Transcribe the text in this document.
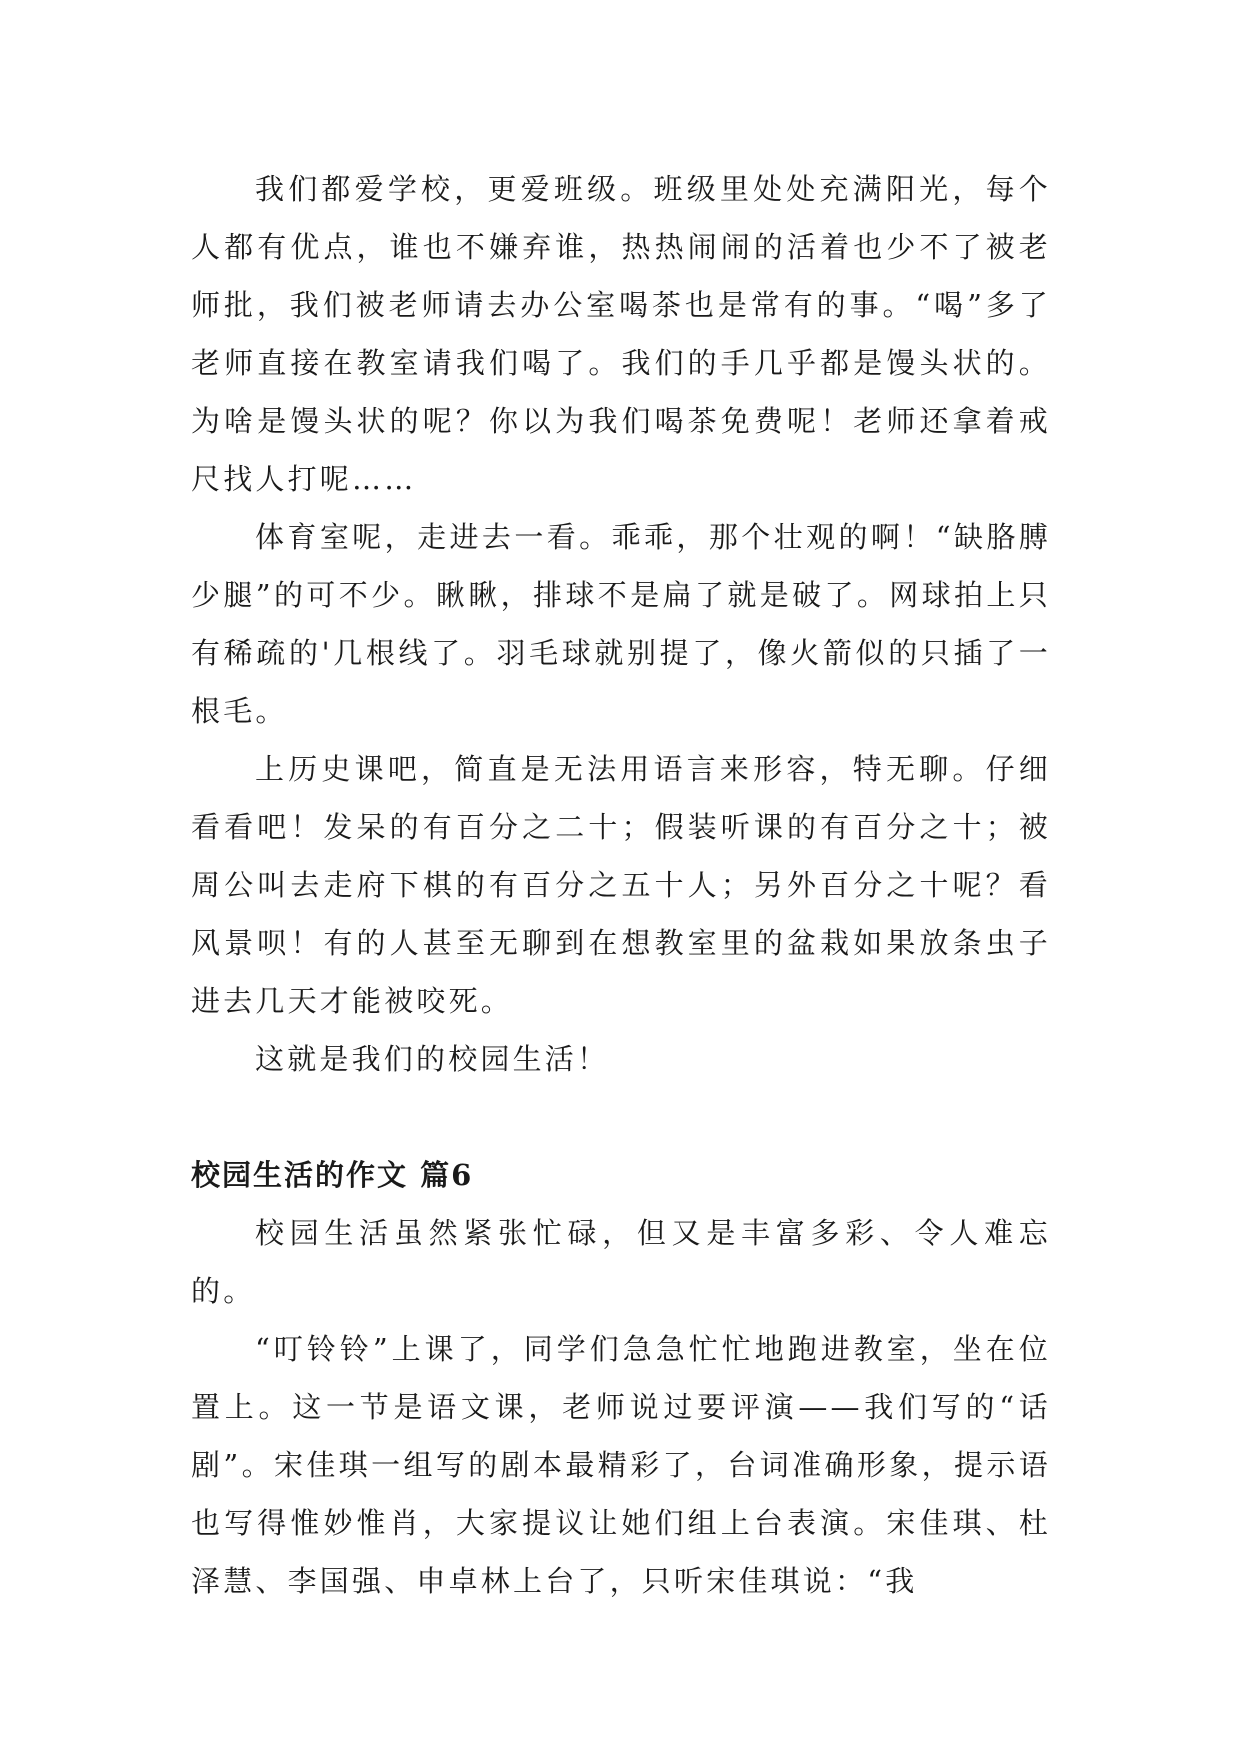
我们都爱学校，更爱班级。班级里处处充满阳光，每个人都有优点，谁也不嫌弃谁，热热闹闹的活着也少不了被老师批，我们被老师请去办公室喝茶也是常有的事。“喝”多了老师直接在教室请我们喝了。我们的手几乎都是馒头状的。为啥是馒头状的呢？你以为我们喝茶免费呢！老师还拿着戒尺找人打呢……

体育室呢，走进去一看。乖乖，那个壮观的啊！“缺胳膊少腿”的可不少。瞅瞅，排球不是扁了就是破了。网球拍上只有稀疏的'几根线了。羽毛球就别提了，像火箭似的只插了一根毛。

上历史课吧，简直是无法用语言来形容，特无聊。仔细看看吧！发呆的有百分之二十；假装听课的有百分之十；被周公叫去走府下棋的有百分之五十人；另外百分之十呢？看风景呗！有的人甚至无聊到在想教室里的盆栽如果放条虫子进去几天才能被咬死。

这就是我们的校园生活！

校园生活的作文 篇6

校园生活虽然紧张忙碌，但又是丰富多彩、令人难忘的。

“叮铃铃”上课了，同学们急急忙忙地跑进教室，坐在位置上。这一节是语文课，老师说过要评演——我们写的“话剧”。宋佳琪一组写的剧本最精彩了，台词准确形象，提示语也写得惟妙惟肖，大家提议让她们组上台表演。宋佳琪、杜泽慧、李国强、申卓林上台了，只听宋佳琪说：“我
